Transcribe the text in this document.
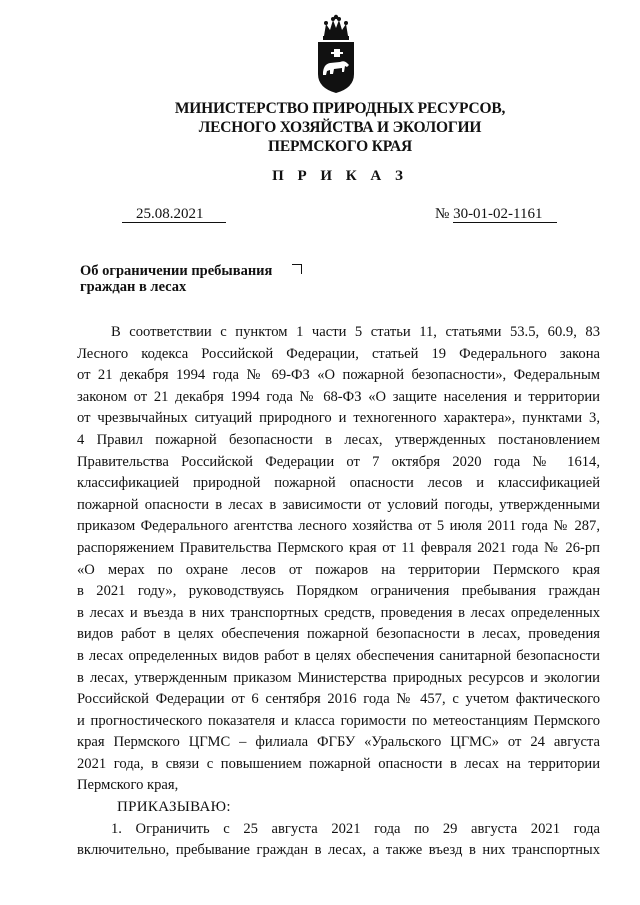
МИНИСТЕРСТВО ПРИРОДНЫХ РЕСУРСОВ,
ЛЕСНОГО ХОЗЯЙСТВА И ЭКОЛОГИИ
ПЕРМСКОГО КРАЯ
П Р И К А З
25.08.2021	№ 30-01-02-1161
Об ограничении пребывания
граждан в лесах
В соответствии с пунктом 1 части 5 статьи 11, статьями 53.5, 60.9, 83
Лесного кодекса Российской Федерации, статьей 19 Федерального закона
от 21 декабря 1994 года № 69-ФЗ «О пожарной безопасности», Федеральным
законом от 21 декабря 1994 года № 68-ФЗ «О защите населения и территории
от чрезвычайных ситуаций природного и техногенного характера», пунктами 3,
4 Правил пожарной безопасности в лесах, утвержденных постановлением
Правительства Российской Федерации от 7 октября 2020 года № 1614,
классификацией природной пожарной опасности лесов и классификацией
пожарной опасности в лесах в зависимости от условий погоды, утвержденными
приказом Федерального агентства лесного хозяйства от 5 июля 2011 года № 287,
распоряжением Правительства Пермского края от 11 февраля 2021 года № 26-рп
«О мерах по охране лесов от пожаров на территории Пермского края
в 2021 году», руководствуясь Порядком ограничения пребывания граждан
в лесах и въезда в них транспортных средств, проведения в лесах определенных
видов работ в целях обеспечения пожарной безопасности в лесах, проведения
в лесах определенных видов работ в целях обеспечения санитарной безопасности
в лесах, утвержденным приказом Министерства природных ресурсов и экологии
Российской Федерации от 6 сентября 2016 года № 457, с учетом фактического
и прогностического показателя и класса горимости по метеостанциям Пермского
края Пермского ЦГМС – филиала ФГБУ «Уральского ЦГМС» от 24 августа
2021 года, в связи с повышением пожарной опасности в лесах на территории
Пермского края,
ПРИКАЗЫВАЮ:
1. Ограничить с 25 августа 2021 года по 29 августа 2021 года
включительно, пребывание граждан в лесах, а также въезд в них транспортных
